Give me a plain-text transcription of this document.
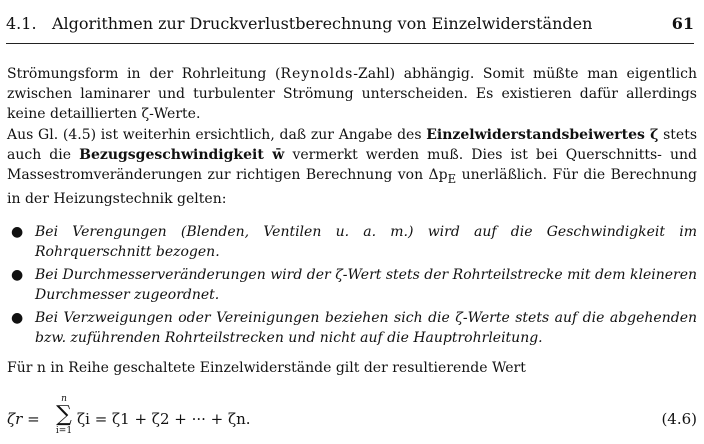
4.1. Algorithmen zur Druckverlustberechnung von Einzelwiderständen	61
Strömungsform in der Rohrleitung (Reynolds-Zahl) abhängig. Somit müßte man eigentlich zwischen laminarer und turbulenter Strömung unterscheiden. Es existieren dafür allerdings keine detaillierten ζ-Werte.
Aus Gl. (4.5) ist weiterhin ersichtlich, daß zur Angabe des Einzelwiderstandsbeiwertes ζ stets auch die Bezugsgeschwindigkeit w̄ vermerkt werden muß. Dies ist bei Querschnitts- und Massestromveränderungen zur richtigen Berechnung von $\Delta p_E$ unerläßlich. Für die Berechnung in der Heizungstechnik gelten:
● Bei Verengungen (Blenden, Ventilen u. a. m.) wird auf die Geschwindigkeit im Rohrquerschnitt bezogen.
● Bei Durchmesserveränderungen wird der ζ-Wert stets der Rohrteilstrecke mit dem kleineren Durchmesser zugeordnet.
● Bei Verzweigungen oder Vereinigungen beziehen sich die ζ-Werte stets auf die abgehenden bzw. zuführenden Rohrteilstrecken und nicht auf die Hauptrohrleitung.
Für n in Reihe geschaltete Einzelwiderstände gilt der resultierende Wert
ζr =
n
∑
i=1
ζi = ζ1 + ζ2 + ··· + ζn.	(4.6)
